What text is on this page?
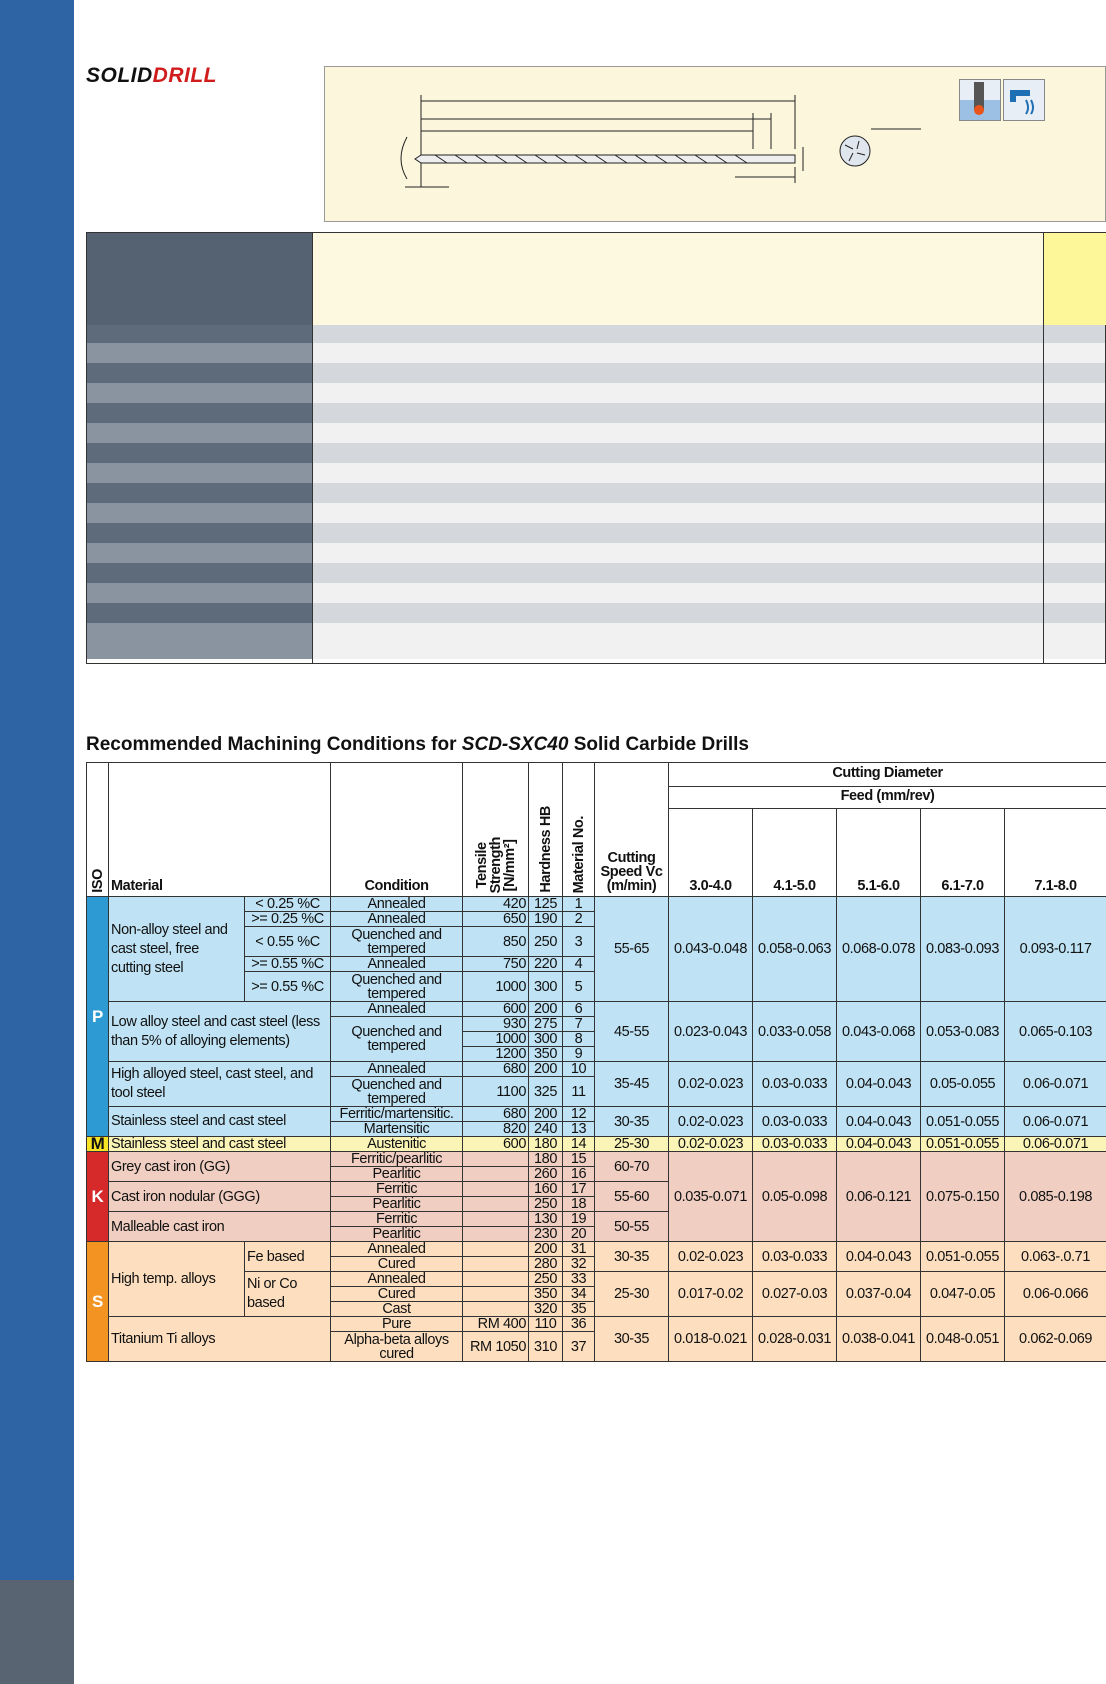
SOLIDDRILL
Recommended Machining Conditions for SCD-SXC40 Solid Carbide Drills
ISO	Material		Condition	Tensile
Strength
[N/mm²]	Hardness HB	Material No.	Cutting
Speed Vc
(m/min)	Cutting Diameter				
								Feed (mm/rev)				
								3.0-4.0	4.1-5.0	5.1-6.0	6.1-7.0	7.1-8.0
P	Non-alloy steel and cast steel, free cutting steel	< 0.25 %C	Annealed	420	125	1	55-65	0.043-0.048	0.058-0.063	0.068-0.078	0.083-0.093	0.093-0.117
		>= 0.25 %C	Annealed	650	190	2						
		< 0.55 %C	Quenched and tempered	850	250	3						
		>= 0.55 %C	Annealed	750	220	4						
		>= 0.55 %C	Quenched and tempered	1000	300	5						
	Low alloy steel and cast steel (less than 5% of alloying elements)		Annealed	600	200	6	45-55	0.023-0.043	0.033-0.058	0.043-0.068	0.053-0.083	0.065-0.103
			Quenched and tempered	930	275	7						
				1000	300	8						
				1200	350	9						
	High alloyed steel, cast steel, and tool steel		Annealed	680	200	10	35-45	0.02-0.023	0.03-0.033	0.04-0.043	0.05-0.055	0.06-0.071
			Quenched and tempered	1100	325	11						
	Stainless steel and cast steel		Ferritic/martensitic.	680	200	12	30-35	0.02-0.023	0.03-0.033	0.04-0.043	0.051-0.055	0.06-0.071
			Martensitic	820	240	13						
M	Stainless steel and cast steel		Austenitic	600	180	14	25-30	0.02-0.023	0.03-0.033	0.04-0.043	0.051-0.055	0.06-0.071
K	Grey cast iron (GG)		Ferritic/pearlitic		180	15	60-70	0.035-0.071	0.05-0.098	0.06-0.121	0.075-0.150	0.085-0.198
			Pearlitic		260	16						
	Cast iron nodular (GGG)		Ferritic		160	17	55-60					
			Pearlitic		250	18						
	Malleable cast iron		Ferritic		130	19	50-55					
			Pearlitic		230	20						
S	High temp. alloys	Fe based	Annealed		200	31	30-35	0.02-0.023	0.03-0.033	0.04-0.043	0.051-0.055	0.063-.0.71
			Cured		280	32						
		Ni or Co based	Annealed		250	33	25-30	0.017-0.02	0.027-0.03	0.037-0.04	0.047-0.05	0.06-0.066
			Cured		350	34						
			Cast		320	35						
	Titanium Ti alloys		Pure	RM 400	110	36	30-35	0.018-0.021	0.028-0.031	0.038-0.041	0.048-0.051	0.062-0.069
			Alpha-beta alloys cured	RM 1050	310	37						
